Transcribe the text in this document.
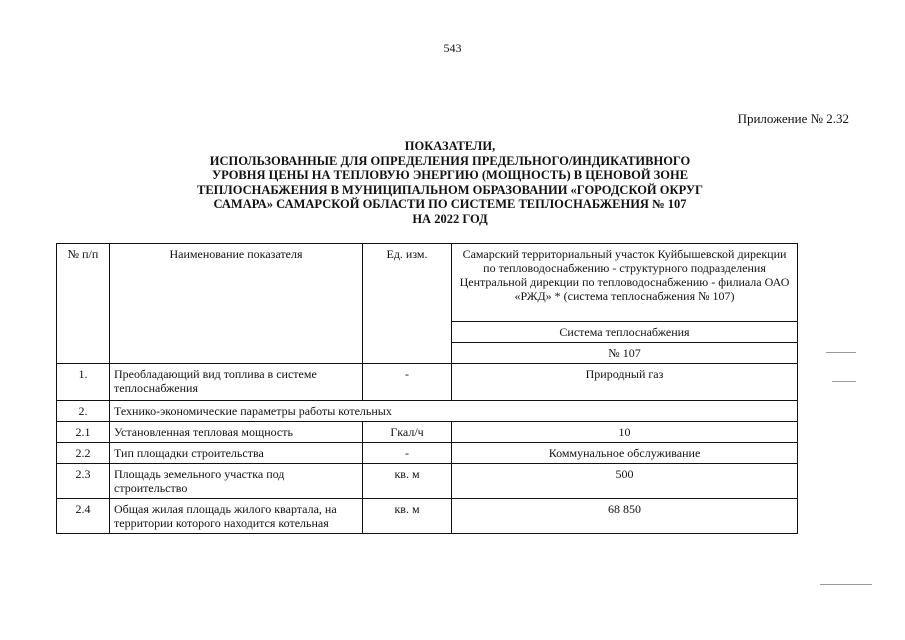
543
Приложение № 2.32
ПОКАЗАТЕЛИ,
ИСПОЛЬЗОВАННЫЕ ДЛЯ ОПРЕДЕЛЕНИЯ ПРЕДЕЛЬНОГО/ИНДИКАТИВНОГО
УРОВНЯ ЦЕНЫ НА ТЕПЛОВУЮ ЭНЕРГИЮ (МОЩНОСТЬ) В ЦЕНОВОЙ ЗОНЕ
ТЕПЛОСНАБЖЕНИЯ В МУНИЦИПАЛЬНОМ ОБРАЗОВАНИИ «ГОРОДСКОЙ ОКРУГ
САМАРА» САМАРСКОЙ ОБЛАСТИ ПО СИСТЕМЕ ТЕПЛОСНАБЖЕНИЯ № 107
НА 2022 ГОД
№ п/п	Наименование показателя	Ед. изм.	Самарский территориальный участок Куйбышевской дирекции по тепловодоснабжению - структурного подразделения Центральной дирекции по тепловодоснабжению - филиала ОАО «РЖД» * (система теплоснабжения № 107)
			Система теплоснабжения
			№ 107
1.	Преобладающий вид топлива в системе теплоснабжения	-	Природный газ
2.	Технико-экономические параметры работы котельных		
2.1	Установленная тепловая мощность	Гкал/ч	10
2.2	Тип площадки строительства	-	Коммунальное обслуживание
2.3	Площадь земельного участка под строительство	кв. м	500
2.4	Общая жилая площадь жилого квартала, на территории которого находится котельная	кв. м	68 850
